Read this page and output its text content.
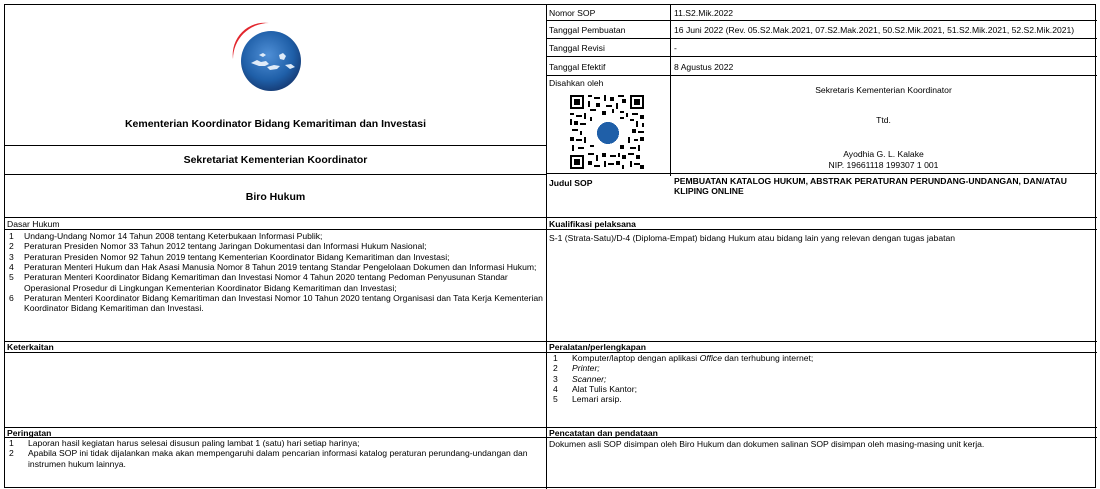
Kementerian Koordinator Bidang Kemaritiman dan Investasi
Sekretariat Kementerian Koordinator
Biro Hukum
Nomor SOP	11.S2.Mik.2022
Tanggal Pembuatan	16 Juni 2022 (Rev. 05.S2.Mak.2021, 07.S2.Mak.2021, 50.S2.Mik.2021, 51.S2.Mik.2021, 52.S2.Mik.2021)
Tanggal Revisi	-
Tanggal Efektif	8 Agustus 2022
Disahkan oleh
Sekretaris Kementerian Koordinator
Ttd.
Ayodhia G. L. Kalake
NIP. 19661118 199307 1 001
Judul SOP	PEMBUATAN KATALOG HUKUM, ABSTRAK PERATURAN PERUNDANG-UNDANGAN, DAN/ATAU KLIPING ONLINE
Dasar Hukum
1	Undang-Undang Nomor 14 Tahun 2008 tentang Keterbukaan Informasi Publik;
2	Peraturan Presiden Nomor 33 Tahun 2012 tentang Jaringan Dokumentasi dan Informasi Hukum Nasional;
3	Peraturan Presiden Nomor 92 Tahun 2019 tentang Kementerian Koordinator Bidang Kemaritiman dan Investasi;
4	Peraturan Menteri Hukum dan Hak Asasi Manusia Nomor 8 Tahun 2019 tentang Standar Pengelolaan Dokumen dan Informasi Hukum;
5	Peraturan Menteri Koordinator Bidang Kemaritiman dan Investasi Nomor 4 Tahun 2020 tentang Pedoman Penyusunan Standar Operasional Prosedur di Lingkungan Kementerian Koordinator Bidang Kemaritiman dan Investasi;
6	Peraturan Menteri Koordinator Bidang Kemaritiman dan Investasi Nomor 10 Tahun 2020 tentang Organisasi dan Tata Kerja Kementerian Koordinator Bidang Kemaritiman dan Investasi.
Kualifikasi pelaksana
S-1 (Strata-Satu)/D-4 (Diploma-Empat) bidang Hukum atau bidang lain yang relevan dengan tugas jabatan
Keterkaitan	Peralatan/perlengkapan
1	Komputer/laptop dengan aplikasi Office dan terhubung internet;
2	Printer;
3	Scanner;
4	Alat Tulis Kantor;
5	Lemari arsip.
Peringatan
1	Laporan hasil kegiatan harus selesai disusun paling lambat 1 (satu) hari setiap harinya;
2	Apabila SOP ini tidak dijalankan maka akan mempengaruhi dalam pencarian informasi katalog peraturan perundang-undangan dan instrumen hukum lainnya.
Pencatatan dan pendataan
Dokumen asli SOP disimpan oleh Biro Hukum dan dokumen salinan SOP disimpan oleh masing-masing unit kerja.
